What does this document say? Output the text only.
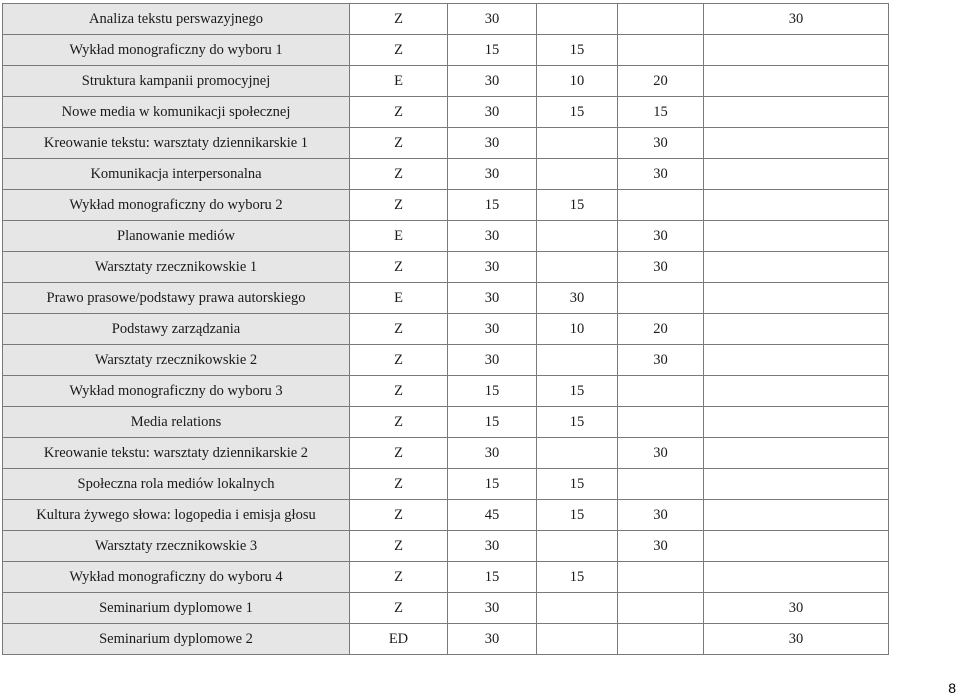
Analiza tekstu perswazyjnego	Z	30			30
Wykład monograficzny do wyboru 1	Z	15	15		
Struktura kampanii promocyjnej	E	30	10	20	
Nowe media w komunikacji społecznej	Z	30	15	15	
Kreowanie tekstu: warsztaty dziennikarskie 1	Z	30		30	
Komunikacja interpersonalna	Z	30		30	
Wykład monograficzny do wyboru 2	Z	15	15		
Planowanie mediów	E	30		30	
Warsztaty rzecznikowskie 1	Z	30		30	
Prawo prasowe/podstawy prawa autorskiego	E	30	30		
Podstawy zarządzania	Z	30	10	20	
Warsztaty rzecznikowskie 2	Z	30		30	
Wykład monograficzny do wyboru 3	Z	15	15		
Media relations	Z	15	15		
Kreowanie tekstu: warsztaty dziennikarskie 2	Z	30		30	
Społeczna rola mediów lokalnych	Z	15	15		
Kultura żywego słowa: logopedia i emisja głosu	Z	45	15	30	
Warsztaty rzecznikowskie 3	Z	30		30	
Wykład monograficzny do wyboru 4	Z	15	15		
Seminarium dyplomowe 1	Z	30			30
Seminarium dyplomowe 2	ED	30			30
8
